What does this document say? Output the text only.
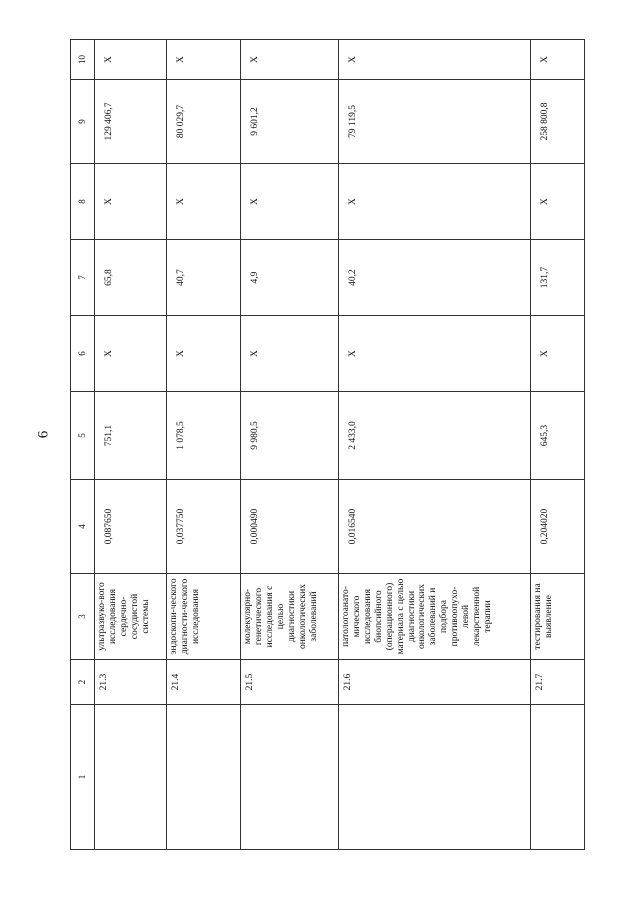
6
1	2	3	4	5	6	7	8	9	10
	21.3	ультразвуко-вого исследования сердечно-сосудистой системы	0,087650	751,1	X	65,8	X	129 406,7	X
	21.4	эндоскопи-ческого диагности-ческого исследования	0,037750	1 078,5	X	40,7	X	80 029,7	X
	21.5	молекулярно-генетического исследования с целью диагностики онкологических заболеваний	0,000490	9 980,5	X	4,9	X	9 601,2	X
	21.6	патологоанато-мического исследования биопсийного (операционного) материала с целью диагностики онкологических заболеваний и подбора противоопухо-левой лекарственной терапии	0,016540	2 433,0	X	40,2	X	79 119,5	X
	21.7	тестирования на выявление	0,204020	645,3	X	131,7	X	258 800,8	X
